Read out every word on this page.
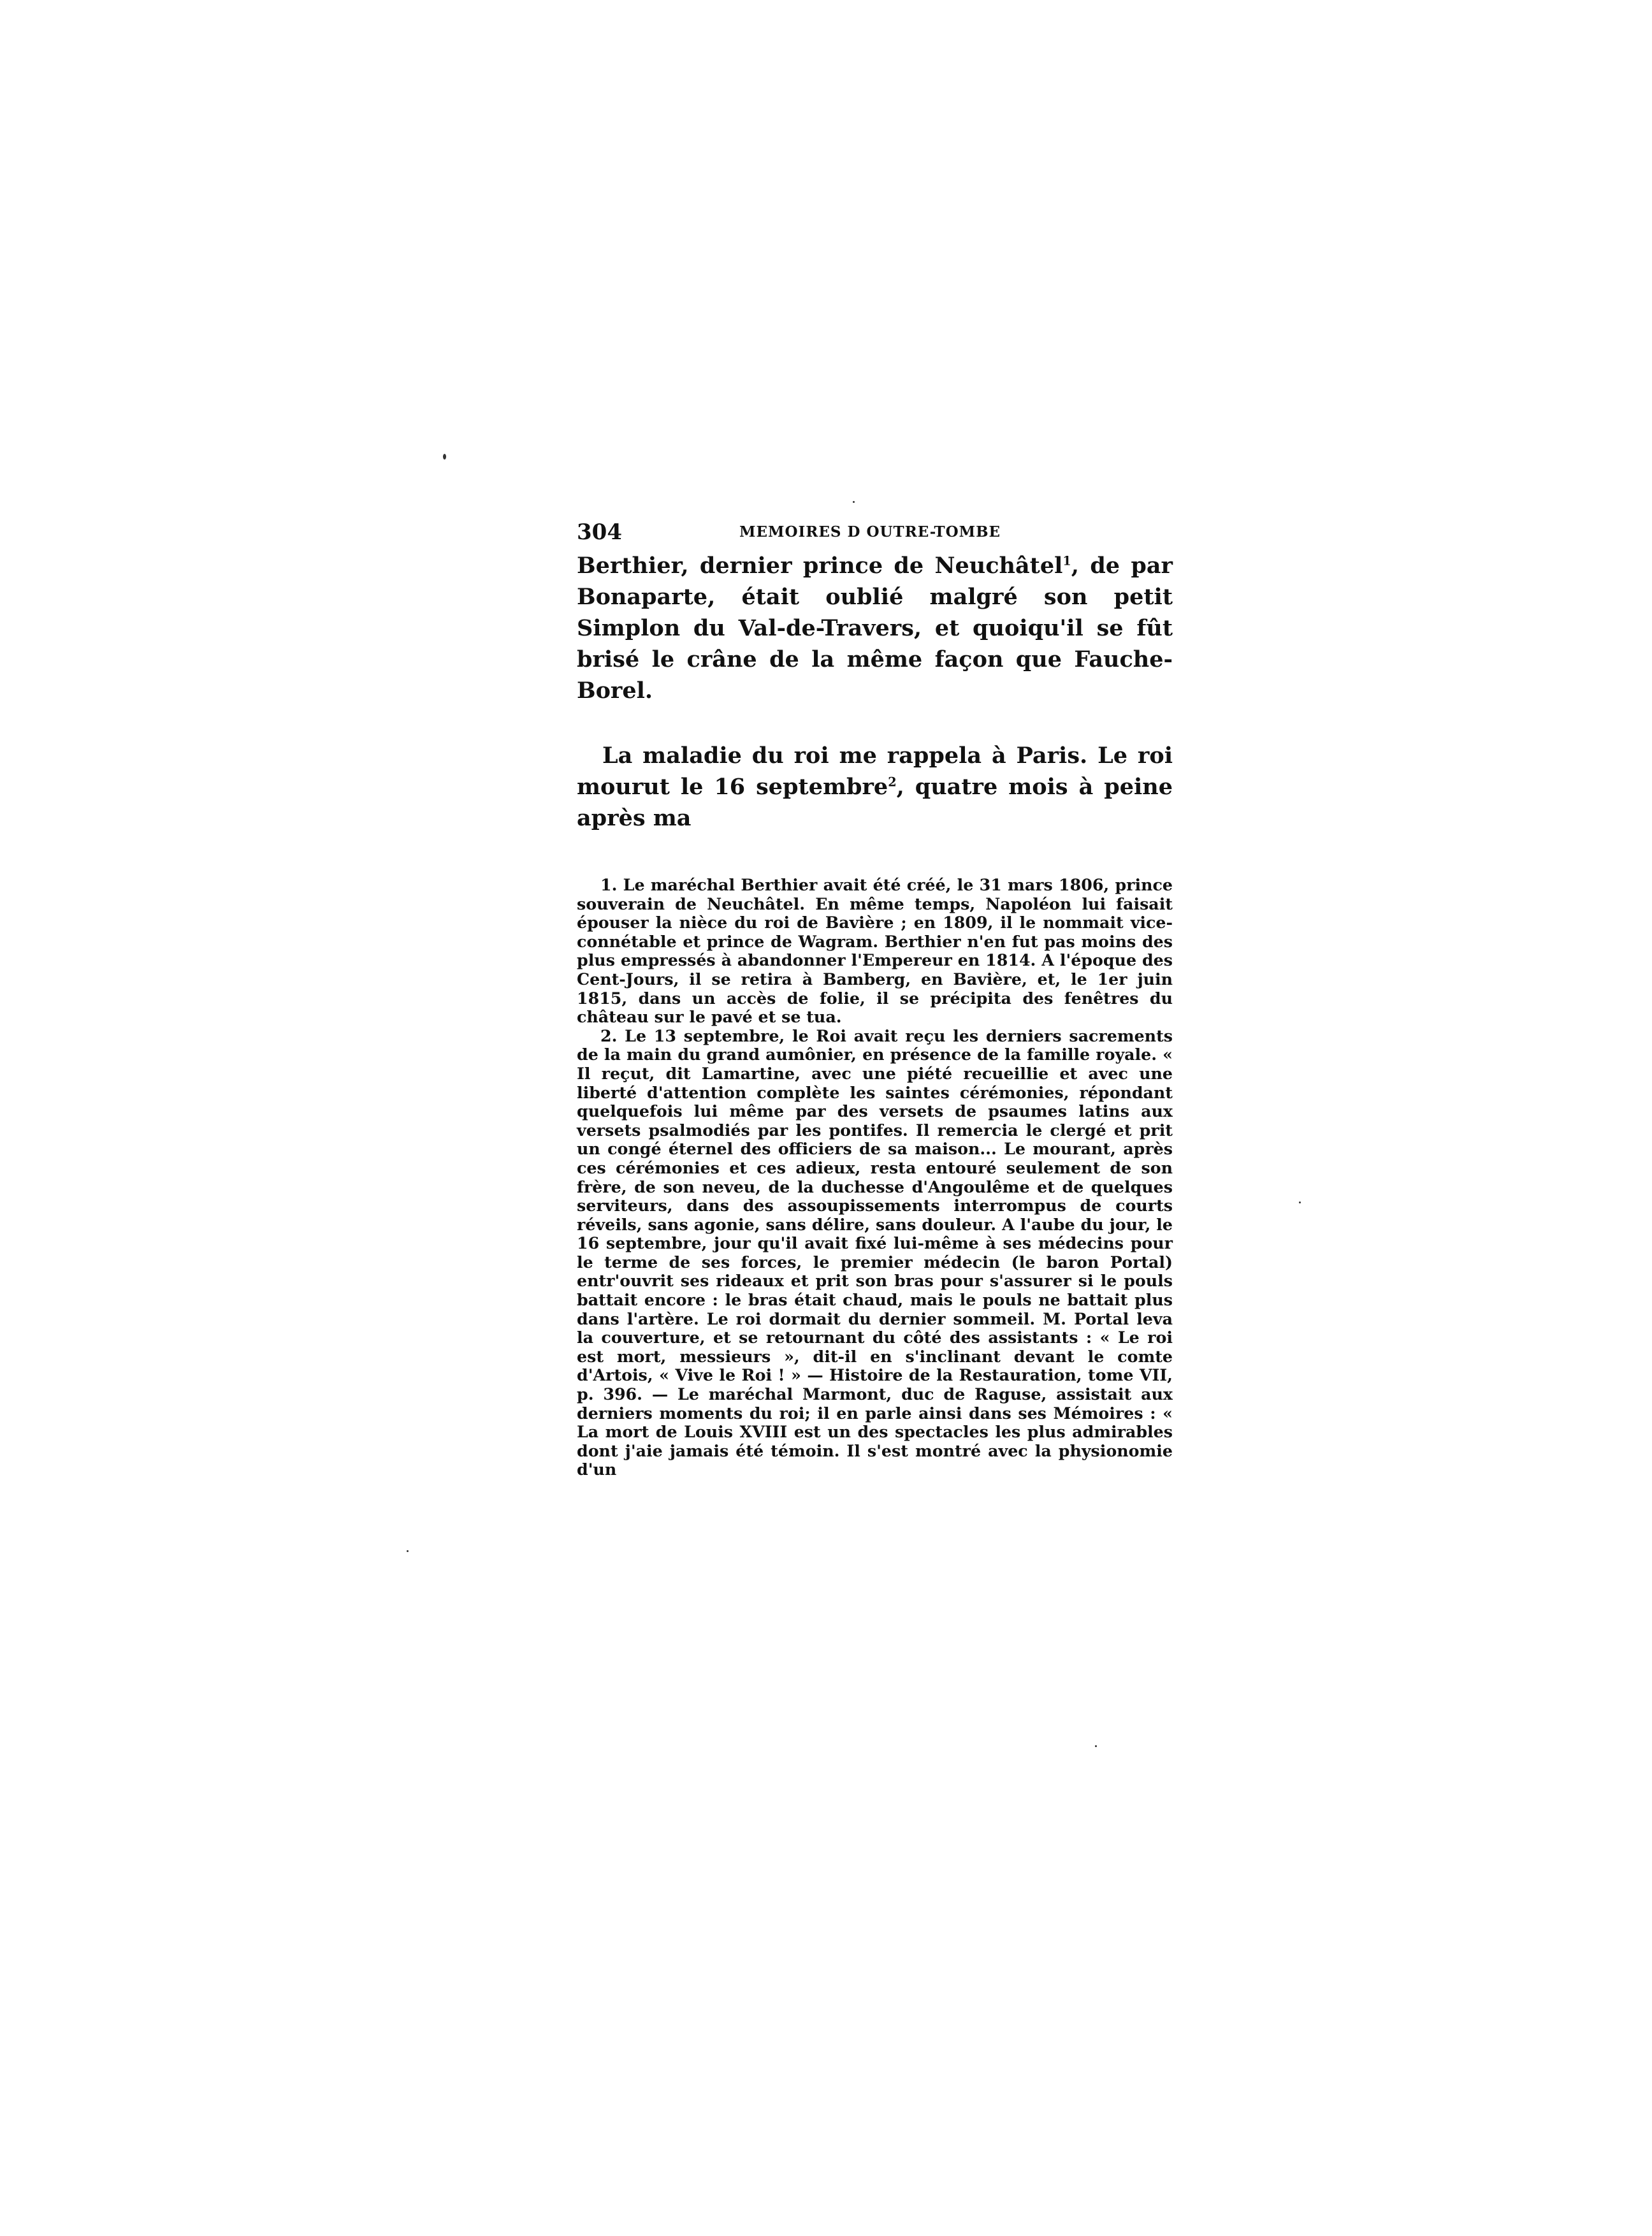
304	MEMOIRES D OUTRE-TOMBE

Berthier, dernier prince de Neuchâtel$^1$, de par Bonaparte, était oublié malgré son petit Simplon du Val-de-Travers, et quoiqu'il se fût brisé le crâne de la même façon que Fauche-Borel.

La maladie du roi me rappela à Paris. Le roi mourut le 16 septembre$^2$, quatre mois à peine après ma

1. Le maréchal Berthier avait été créé, le 31 mars 1806, prince souverain de Neuchâtel. En même temps, Napoléon lui faisait épouser la nièce du roi de Bavière ; en 1809, il le nommait vice-connétable et prince de Wagram. Berthier n'en fut pas moins des plus empressés à abandonner l'Empereur en 1814. A l'époque des Cent-Jours, il se retira à Bamberg, en Bavière, et, le 1er juin 1815, dans un accès de folie, il se précipita des fenêtres du château sur le pavé et se tua.

2. Le 13 septembre, le Roi avait reçu les derniers sacrements de la main du grand aumônier, en présence de la famille royale. « Il reçut, dit Lamartine, avec une piété recueillie et avec une liberté d'attention complète les saintes cérémonies, répondant quelquefois lui même par des versets de psaumes latins aux versets psalmodiés par les pontifes. Il remercia le clergé et prit un congé éternel des officiers de sa maison... Le mourant, après ces cérémonies et ces adieux, resta entouré seulement de son frère, de son neveu, de la duchesse d'Angoulême et de quelques serviteurs, dans des assoupissements interrompus de courts réveils, sans agonie, sans délire, sans douleur. A l'aube du jour, le 16 septembre, jour qu'il avait fixé lui-même à ses médecins pour le terme de ses forces, le premier médecin (le baron Portal) entr'ouvrit ses rideaux et prit son bras pour s'assurer si le pouls battait encore : le bras était chaud, mais le pouls ne battait plus dans l'artère. Le roi dormait du dernier sommeil. M. Portal leva la couverture, et se retournant du côté des assistants : « Le roi est mort, messieurs », dit-il en s'inclinant devant le comte d'Artois, « Vive le Roi ! » — Histoire de la Restauration, tome VII, p. 396. — Le maréchal Marmont, duc de Raguse, assistait aux derniers moments du roi; il en parle ainsi dans ses Mémoires : « La mort de Louis XVIII est un des spectacles les plus admirables dont j'aie jamais été témoin. Il s'est montré avec la physionomie d'un
